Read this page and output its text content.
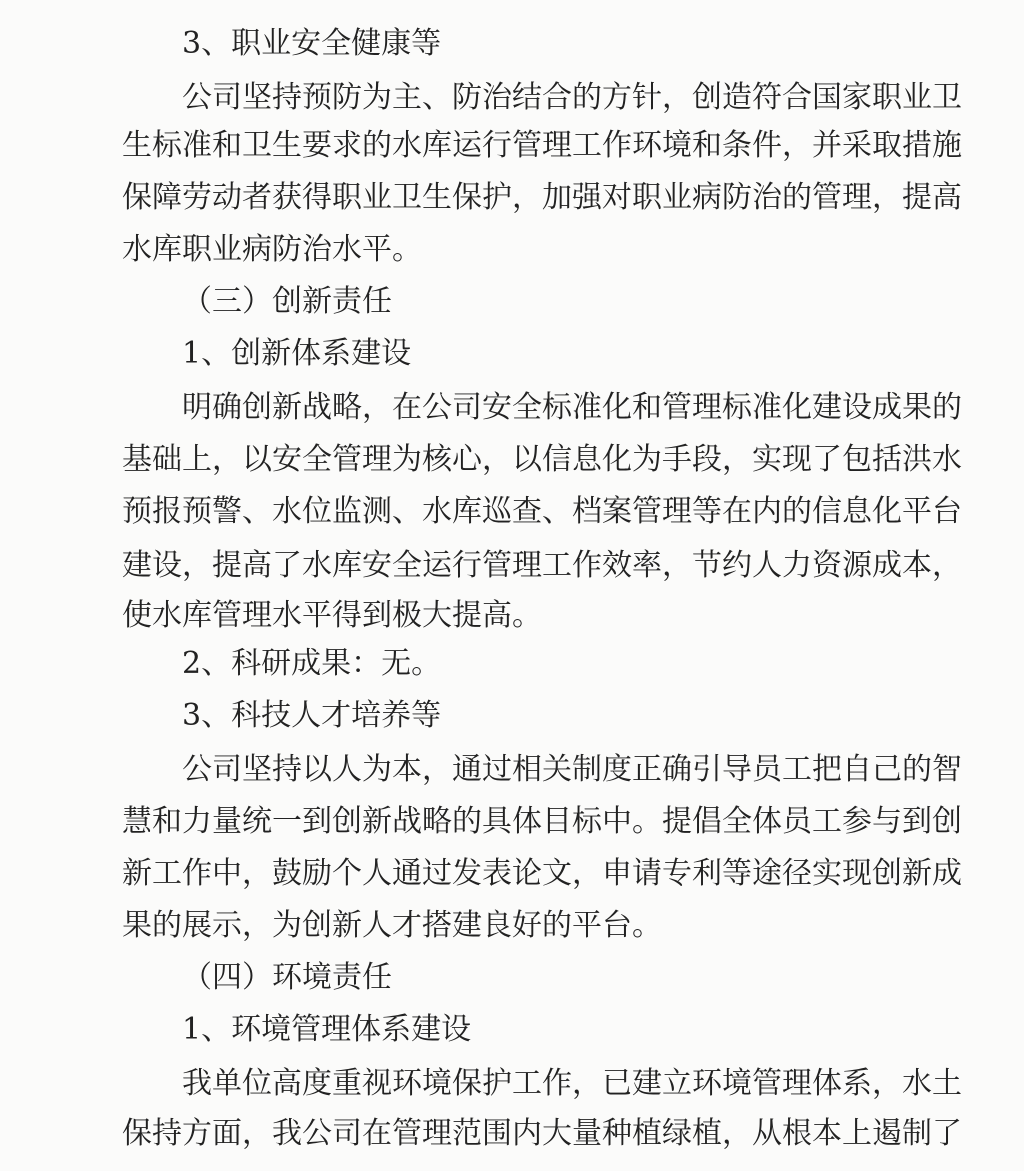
3、职业安全健康等
公司坚持预防为主、防治结合的方针，创造符合国家职业卫
生标准和卫生要求的水库运行管理工作环境和条件，并采取措施
保障劳动者获得职业卫生保护，加强对职业病防治的管理，提高
水库职业病防治水平。
（三）创新责任
1、创新体系建设
明确创新战略，在公司安全标准化和管理标准化建设成果的
基础上，以安全管理为核心，以信息化为手段，实现了包括洪水
预报预警、水位监测、水库巡查、档案管理等在内的信息化平台
建设，提高了水库安全运行管理工作效率，节约人力资源成本，
使水库管理水平得到极大提高。
2、科研成果：无。
3、科技人才培养等
公司坚持以人为本，通过相关制度正确引导员工把自己的智
慧和力量统一到创新战略的具体目标中。提倡全体员工参与到创
新工作中，鼓励个人通过发表论文，申请专利等途径实现创新成
果的展示，为创新人才搭建良好的平台。
（四）环境责任
1、环境管理体系建设
我单位高度重视环境保护工作，已建立环境管理体系，水土
保持方面，我公司在管理范围内大量种植绿植，从根本上遏制了
